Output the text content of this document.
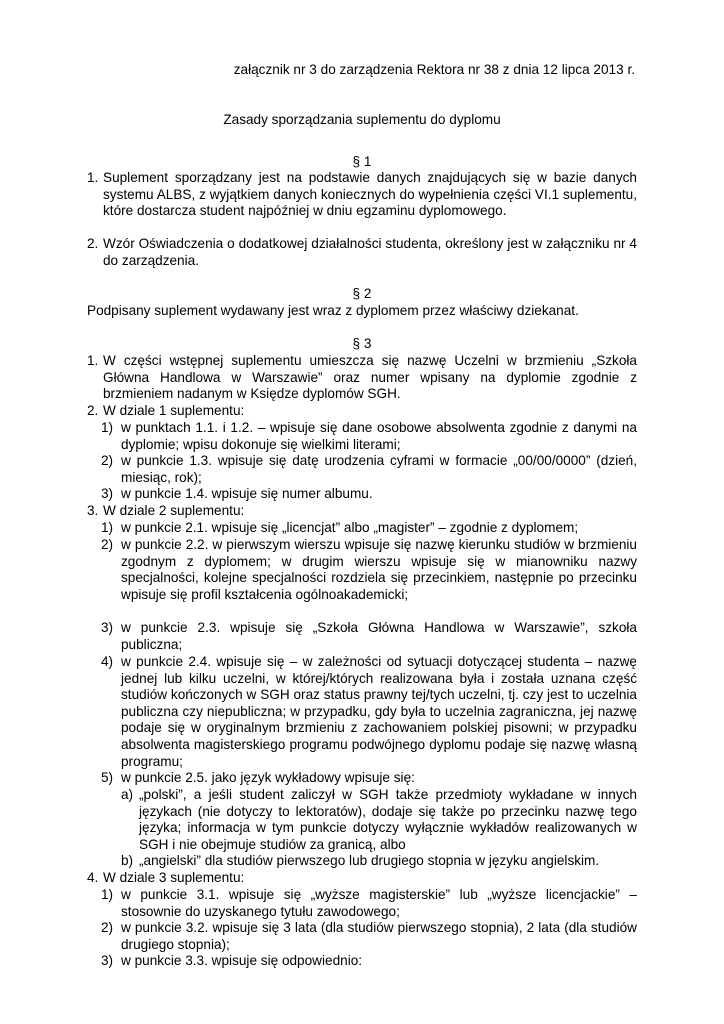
załącznik nr 3 do zarządzenia Rektora nr 38 z dnia 12 lipca 2013 r.
Zasady sporządzania suplementu do dyplomu
§ 1
1. Suplement sporządzany jest na podstawie danych znajdujących się w bazie danych systemu ALBS, z wyjątkiem danych koniecznych do wypełnienia części VI.1 suplementu, które dostarcza student najpóźniej w dniu egzaminu dyplomowego.
2. Wzór Oświadczenia o dodatkowej działalności studenta, określony jest w załączniku nr 4 do zarządzenia.
§ 2
Podpisany suplement wydawany jest wraz z dyplomem przez właściwy dziekanat.
§ 3
1. W części wstępnej suplementu umieszcza się nazwę Uczelni w brzmieniu „Szkoła Główna Handlowa w Warszawie” oraz numer wpisany na dyplomie zgodnie z brzmieniem nadanym w Księdze dyplomów SGH.
2. W dziale 1 suplementu:
1) w punktach 1.1. i 1.2. – wpisuje się dane osobowe absolwenta zgodnie z danymi na dyplomie; wpisu dokonuje się wielkimi literami;
2) w punkcie 1.3. wpisuje się datę urodzenia cyframi w formacie „00/00/0000” (dzień, miesiąc, rok);
3) w punkcie 1.4. wpisuje się numer albumu.
3. W dziale 2 suplementu:
1) w punkcie 2.1. wpisuje się „licencjat” albo „magister” – zgodnie z dyplomem;
2) w punkcie 2.2. w pierwszym wierszu wpisuje się nazwę kierunku studiów w brzmieniu zgodnym z dyplomem; w drugim wierszu wpisuje się w mianowniku nazwy specjalności, kolejne specjalności rozdziela się przecinkiem, następnie po przecinku wpisuje się profil kształcenia ogólnoakademicki;
3) w punkcie 2.3. wpisuje się „Szkoła Główna Handlowa w Warszawie”, szkoła publiczna;
4) w punkcie 2.4. wpisuje się – w zależności od sytuacji dotyczącej studenta – nazwę jednej lub kilku uczelni, w której/których realizowana była i została uznana część studiów kończonych w SGH oraz status prawny tej/tych uczelni, tj. czy jest to uczelnia publiczna czy niepubliczna; w przypadku, gdy była to uczelnia zagraniczna, jej nazwę podaje się w oryginalnym brzmieniu z zachowaniem polskiej pisowni; w przypadku absolwenta magisterskiego programu podwójnego dyplomu podaje się nazwę własną programu;
5) w punkcie 2.5. jako język wykładowy wpisuje się:
a) „polski”, a jeśli student zaliczył w SGH także przedmioty wykładane w innych językach (nie dotyczy to lektoratów), dodaje się także po przecinku nazwę tego języka; informacja w tym punkcie dotyczy wyłącznie wykładów realizowanych w SGH i nie obejmuje studiów za granicą, albo
b) „angielski” dla studiów pierwszego lub drugiego stopnia w języku angielskim.
4. W dziale 3 suplementu:
1) w punkcie 3.1. wpisuje się „wyższe magisterskie” lub „wyższe licencjackie” – stosownie do uzyskanego tytułu zawodowego;
2) w punkcie 3.2. wpisuje się 3 lata (dla studiów pierwszego stopnia), 2 lata (dla studiów drugiego stopnia);
3) w punkcie 3.3. wpisuje się odpowiednio:
